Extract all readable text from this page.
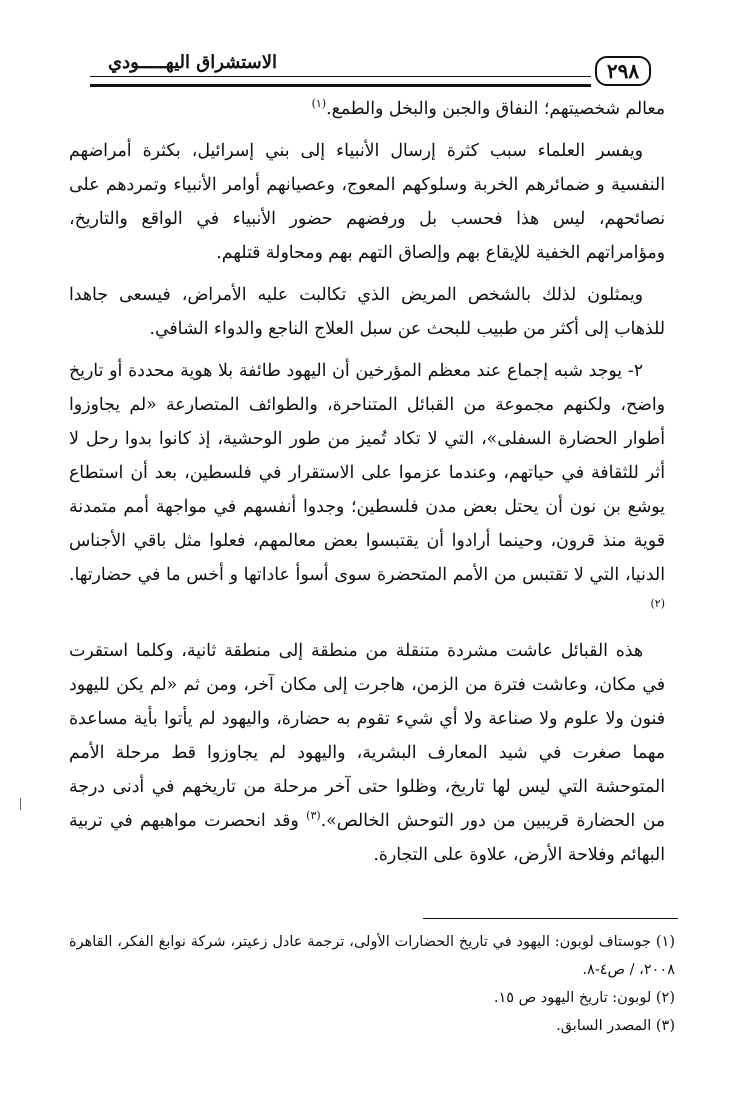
٢٩٨
الاستشراق اليهـــــودي

معالم شخصيتهم؛ النفاق والجبن والبخل والطمع.$^{(١)}$

ويفسر العلماء سبب كثرة إرسال الأنبياء إلى بني إسرائيل، بكثرة أمراضهم النفسية و ضمائرهم الخربة وسلوكهم المعوج، وعصيانهم أوامر الأنبياء وتمردهم على نصائحهم، ليس هذا فحسب بل ورفضهم حضور الأنبياء في الواقع والتاريخ، ومؤامراتهم الخفية للإيقاع بهم وإلصاق التهم بهم ومحاولة قتلهم.

ويمثلون لذلك بالشخص المريض الذي تكالبت عليه الأمراض، فيسعى جاهدا للذهاب إلى أكثر من طبيب للبحث عن سبل العلاج الناجع والدواء الشافي.

٢- يوجد شبه إجماع عند معظم المؤرخين أن اليهود طائفة بلا هوية محددة أو تاريخ واضح، ولكنهم مجموعة من القبائل المتناحرة، والطوائف المتصارعة «لم يجاوزوا أطوار الحضارة السفلى»، التي لا تكاد تُميز من طور الوحشية، إذ كانوا بدوا رحل لا أثر للثقافة في حياتهم، وعندما عزموا على الاستقرار في فلسطين، بعد أن استطاع يوشع بن نون أن يحتل بعض مدن فلسطين؛ وجدوا أنفسهم في مواجهة أمم متمدنة قوية منذ قرون، وحينما أرادوا أن يقتبسوا بعض معالمهم، فعلوا مثل باقي الأجناس الدنيا، التي لا تقتبس من الأمم المتحضرة سوى أسوأ عاداتها و أخس ما في حضارتها.$^{(٢)}$

هذه القبائل عاشت مشردة متنقلة من منطقة إلى منطقة ثانية، وكلما استقرت في مكان، وعاشت فترة من الزمن، هاجرت إلى مكان آخر، ومن ثم «لم يكن لليهود فنون ولا علوم ولا صناعة ولا أي شيء تقوم به حضارة، واليهود لم يأتوا بأية مساعدة مهما صغرت في شيد المعارف البشرية، واليهود لم يجاوزوا قط مرحلة الأمم المتوحشة التي ليس لها تاريخ، وظلوا حتى آخر مرحلة من تاريخهم في أدنى درجة من الحضارة قريبين من دور التوحش الخالص».$^{(٣)}$ وقد انحصرت مواهبهم في تربية البهائم وفلاحة الأرض، علاوة على التجارة.

(١) جوستاف لوبون: اليهود في تاريخ الحضارات الأولى، ترجمة عادل زعيتر، شركة نوابغ الفكر، القاهرة ٢٠٠٨، / ص٤-٨.
(٢) لوبون: تاريخ اليهود ص ١٥.
(٣) المصدر السابق.
